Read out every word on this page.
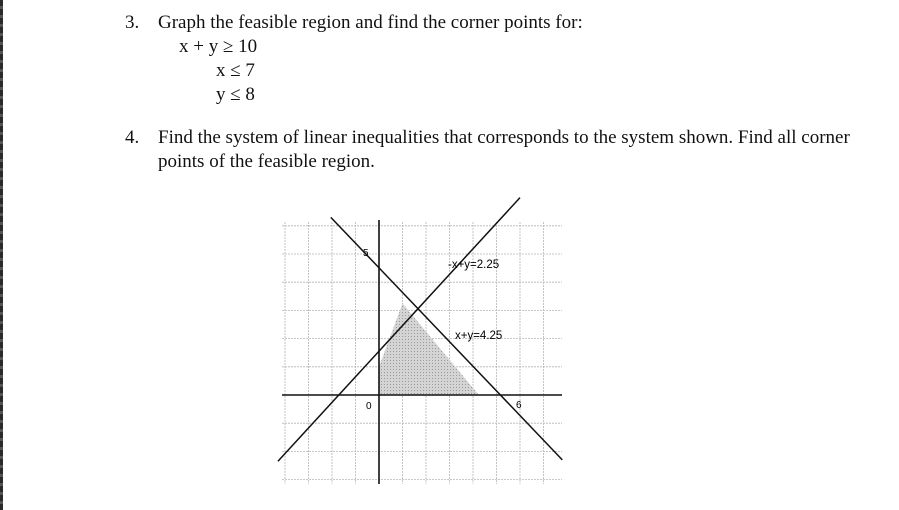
3. Graph the feasible region and find the corner points for:
x + y ≥ 10
x ≤ 7
y ≤ 8
4. Find the system of linear inequalities that corresponds to the system shown. Find all corner
points of the feasible region.
5
0	6
-x+y=2.25
x+y=4.25
